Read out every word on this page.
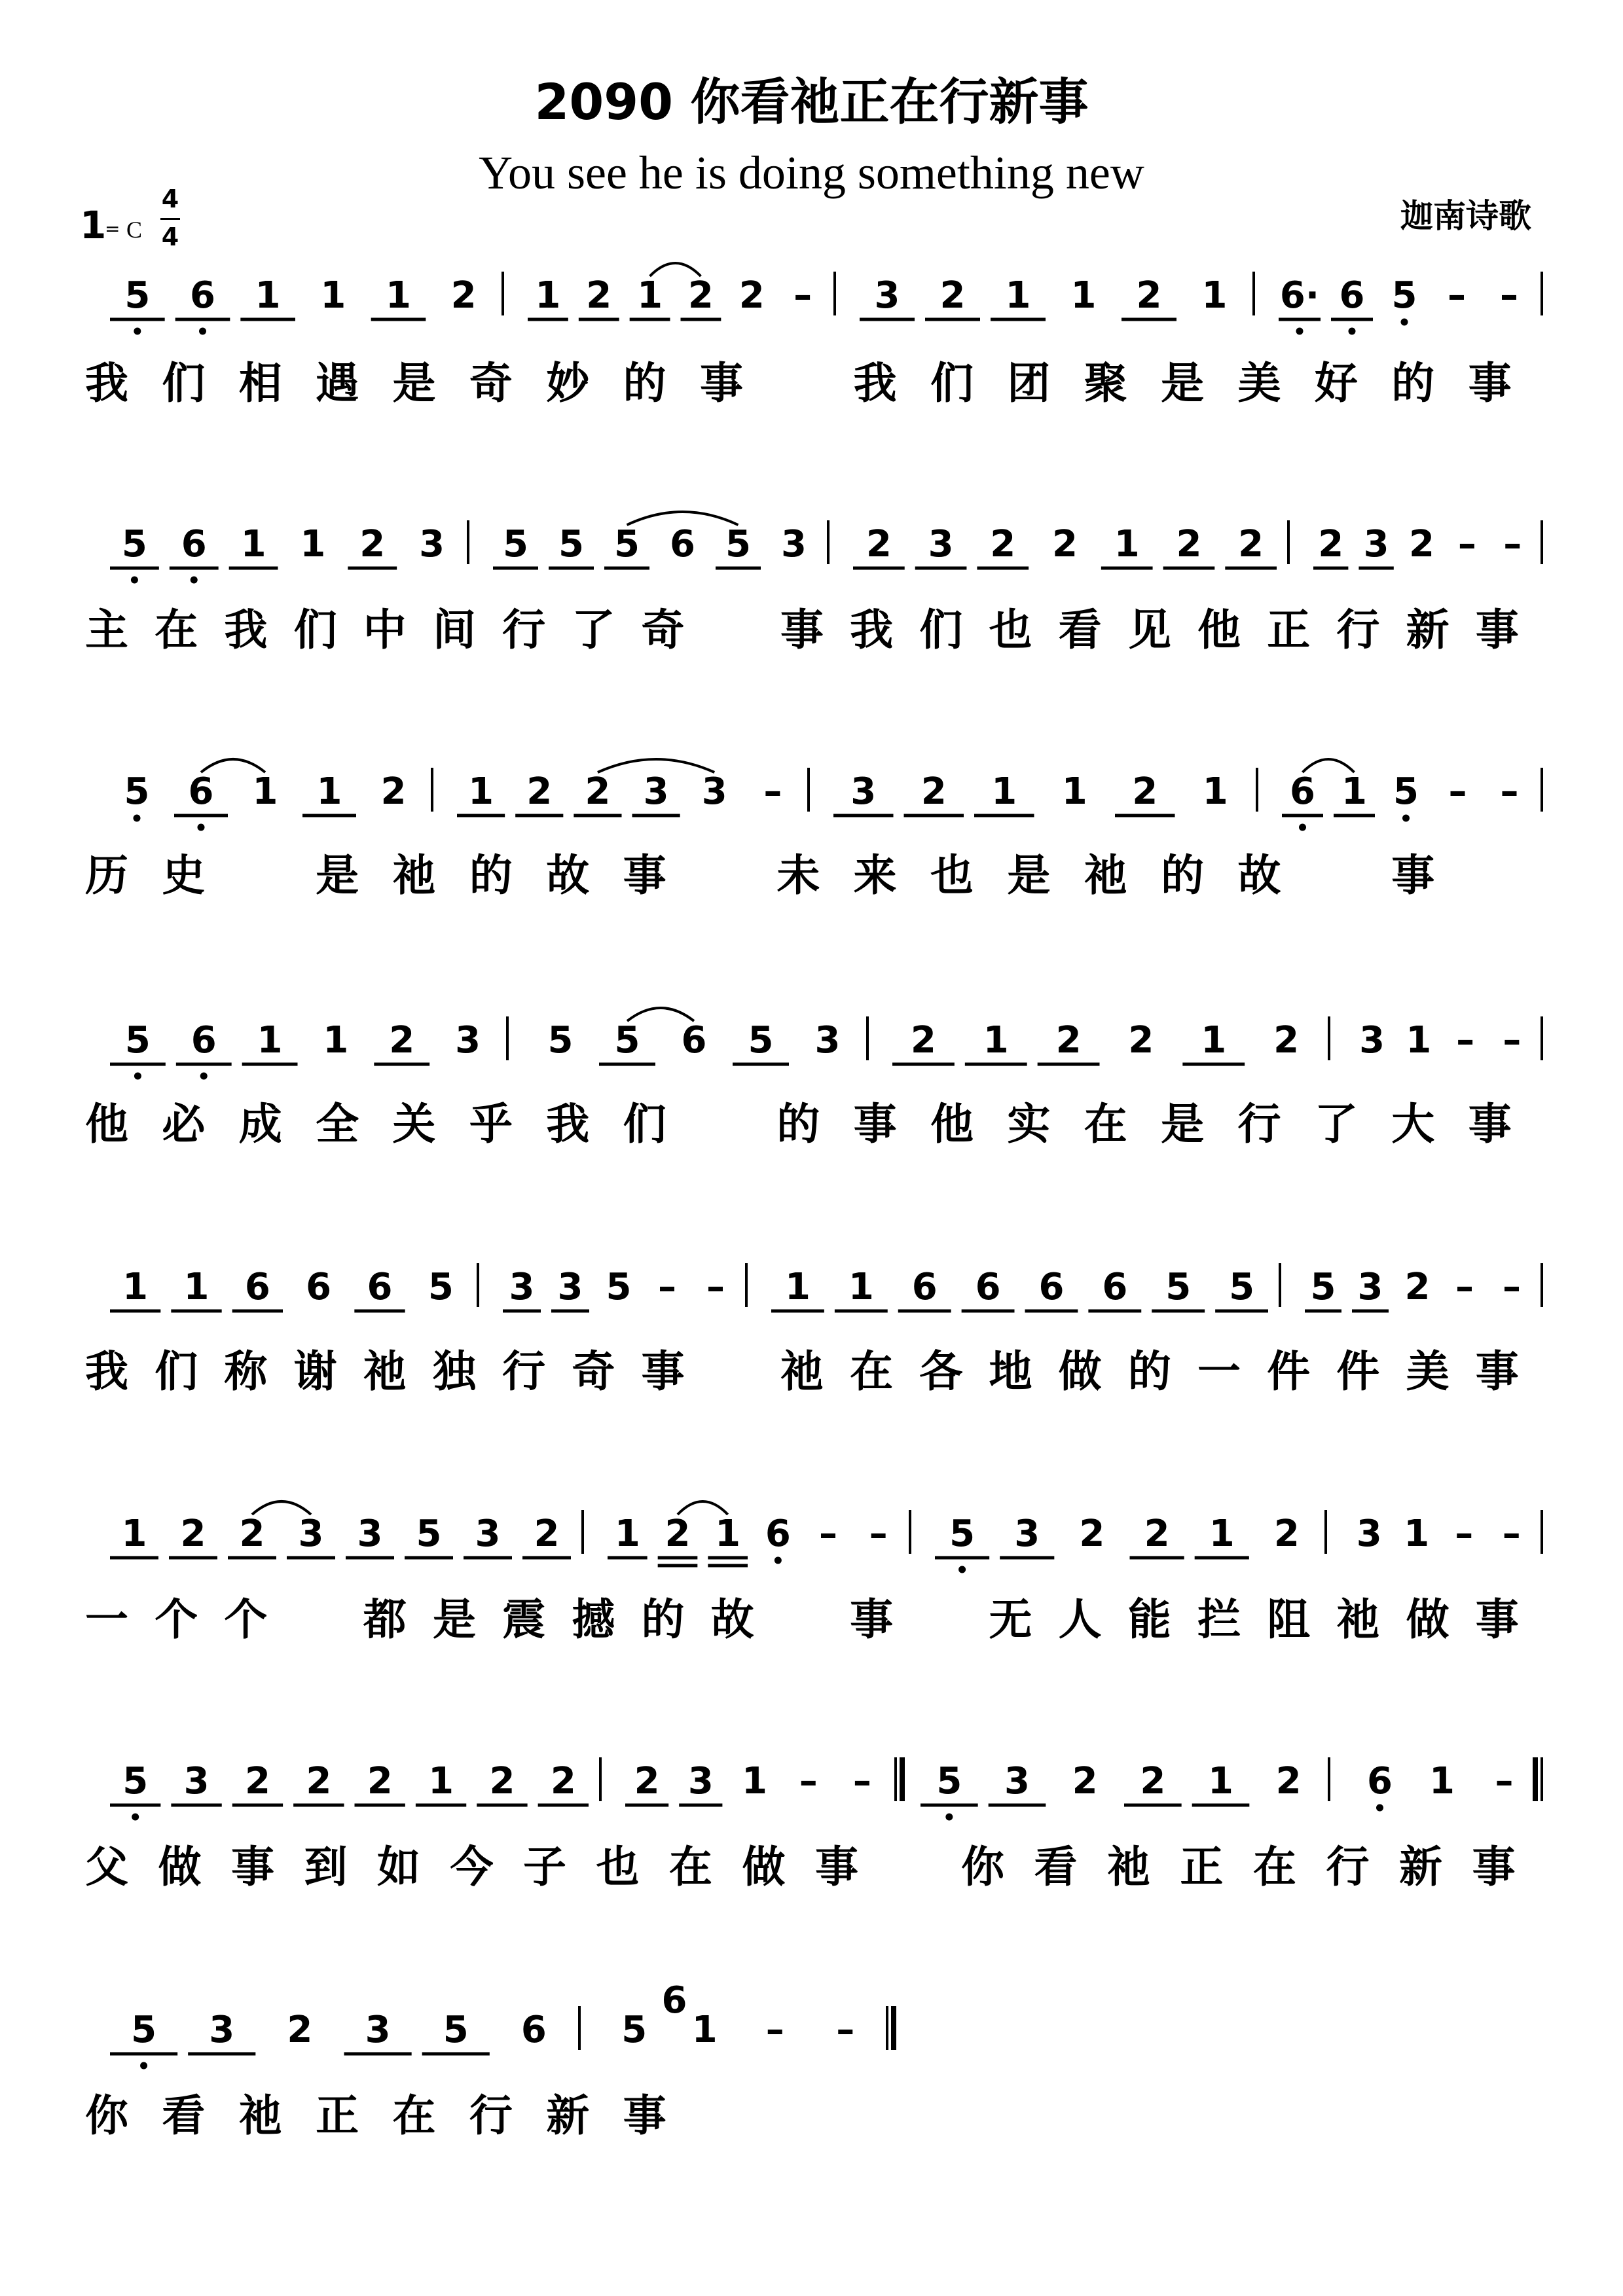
2090 你看祂正在行新事
You see he is doing something new
1
= C
4
4
迦南诗歌
5 6 1 1 1 2 1 2 1 2 2 – 3 2 1 1 2 1 6· 6 5 – –
我 们 相 遇 是 奇 妙 的 事	我 们 团 聚 是 美 好 的 事
5 6 1 1 2 3 5 5 5 6 5 3 2 3 2 2 1 2 2 2 3 2 – –
主 在 我 们 中 间 行 了 奇 事 我 们 也 看 见 他 正 行 新 事
5 6 1 1 2 1 2 2 3 3 – 3 2 1 1 2 1 6 1 5 – –
历 史	是 祂 的 故 事	未 来 也 是 祂 的 故	事
5 6 1 1 2 3 5 5 6 5 3 2 1 2 2 1 2 3 1 – –
他 必 成 全 关 乎 我 们	的 事 他 实 在 是 行 了 大 事
1 1 6 6 6 5 3 3 5 – – 1 1 6 6 6 6 5 5 5 3 2 – –
我 们 称 谢 祂 独 行 奇 事 祂 在 各 地 做 的 一 件 件 美 事
1 2 2 3 3 5 3 2 1 2 1 6 – – 5 3 2 2 1 2 3 1 – –
一 个 个 都 是 震 撼 的 故 事 无 人 能 拦 阻 祂 做 事
5 3 2 2 2 1 2 2 2 3 1 – – 5 3 2 2 1 2 6 1 –
父 做 事 到 如 今 子 也 在 做 事 你 看 祂 正 在 行 新 事
5 3 2 3 5 6 5 1 – –
6
你 看 祂 正 在 行 新 事
